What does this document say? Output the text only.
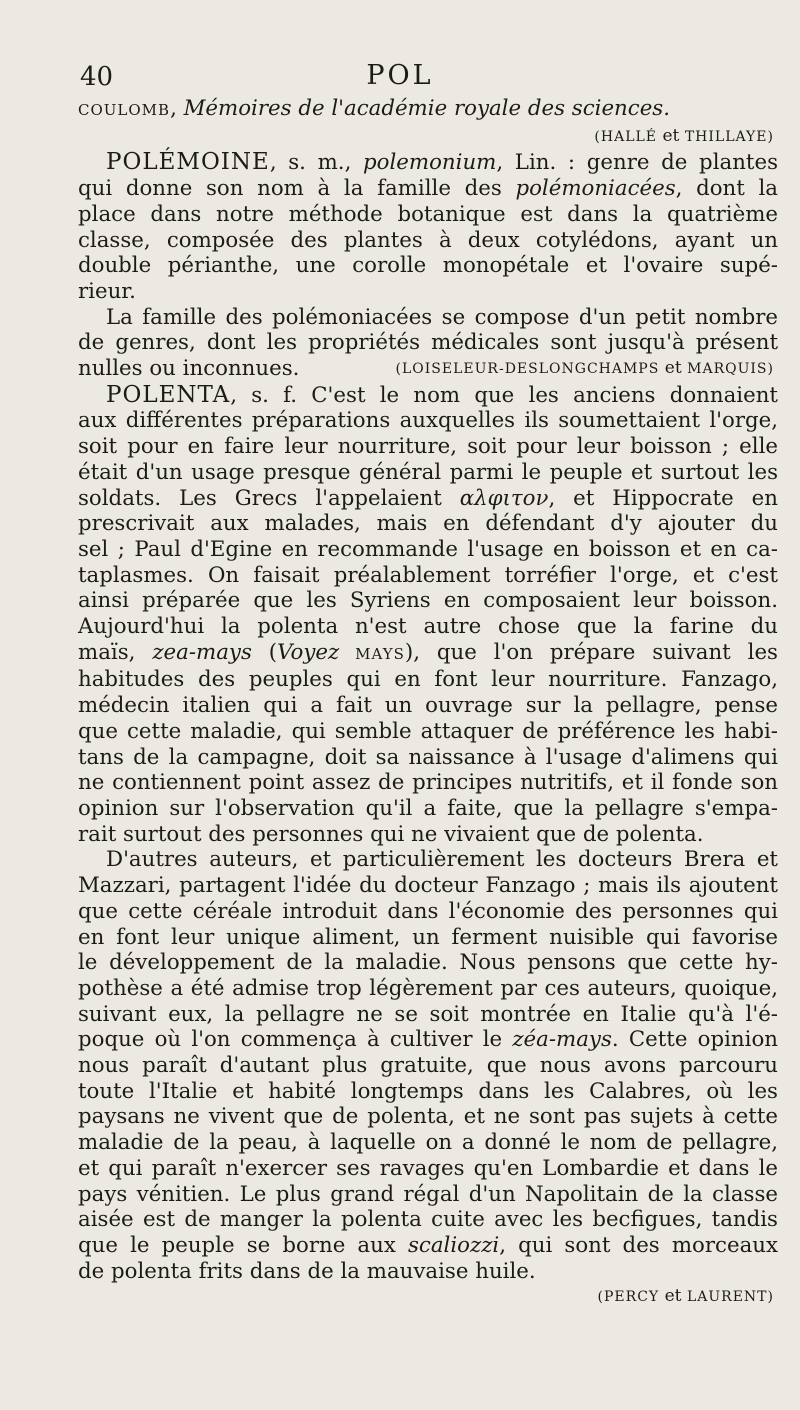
40	POL
COULOMB, Mémoires de l'académie royale des sciences.
(HALLÉ et THILLAYE)
POLÉMOINE, s. m., polemonium, Lin. : genre de plantes
qui donne son nom à la famille des polémoniacées, dont la
place dans notre méthode botanique est dans la quatrième
classe, composée des plantes à deux cotylédons, ayant un
double périanthe, une corolle monopétale et l'ovaire supé-
rieur.
La famille des polémoniacées se compose d'un petit nombre
de genres, dont les propriétés médicales sont jusqu'à présent
nulles ou inconnues.	(LOISELEUR-DESLONGCHAMPS et MARQUIS)
POLENTA, s. f. C'est le nom que les anciens donnaient
aux différentes préparations auxquelles ils soumettaient l'orge,
soit pour en faire leur nourriture, soit pour leur boisson ; elle
était d'un usage presque général parmi le peuple et surtout les
soldats. Les Grecs l'appelaient αλφιτον, et Hippocrate en
prescrivait aux malades, mais en défendant d'y ajouter du
sel ; Paul d'Egine en recommande l'usage en boisson et en ca-
taplasmes. On faisait préalablement torréfier l'orge, et c'est
ainsi préparée que les Syriens en composaient leur boisson.
Aujourd'hui la polenta n'est autre chose que la farine du
maïs, zea-mays (Voyez MAYS), que l'on prépare suivant les
habitudes des peuples qui en font leur nourriture. Fanzago,
médecin italien qui a fait un ouvrage sur la pellagre, pense
que cette maladie, qui semble attaquer de préférence les habi-
tans de la campagne, doit sa naissance à l'usage d'alimens qui
ne contiennent point assez de principes nutritifs, et il fonde son
opinion sur l'observation qu'il a faite, que la pellagre s'empa-
rait surtout des personnes qui ne vivaient que de polenta.
D'autres auteurs, et particulièrement les docteurs Brera et
Mazzari, partagent l'idée du docteur Fanzago ; mais ils ajoutent
que cette céréale introduit dans l'économie des personnes qui
en font leur unique aliment, un ferment nuisible qui favorise
le développement de la maladie. Nous pensons que cette hy-
pothèse a été admise trop légèrement par ces auteurs, quoique,
suivant eux, la pellagre ne se soit montrée en Italie qu'à l'é-
poque où l'on commença à cultiver le zéa-mays. Cette opinion
nous paraît d'autant plus gratuite, que nous avons parcouru
toute l'Italie et habité longtemps dans les Calabres, où les
paysans ne vivent que de polenta, et ne sont pas sujets à cette
maladie de la peau, à laquelle on a donné le nom de pellagre,
et qui paraît n'exercer ses ravages qu'en Lombardie et dans le
pays vénitien. Le plus grand régal d'un Napolitain de la classe
aisée est de manger la polenta cuite avec les becfigues, tandis
que le peuple se borne aux scaliozzi, qui sont des morceaux
de polenta frits dans de la mauvaise huile.
(PERCY et LAURENT)
